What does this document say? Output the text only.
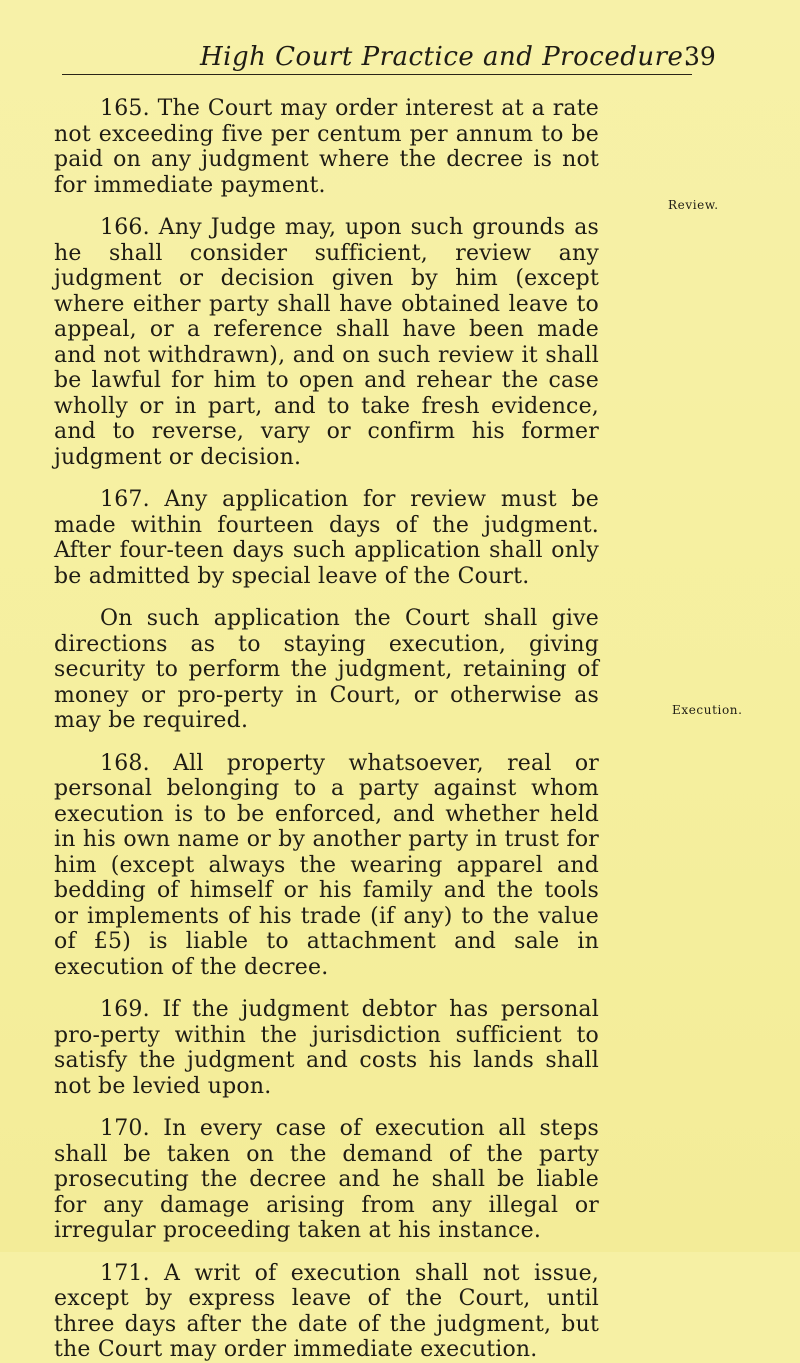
High Court Practice and Procedure.
39
Review.
Execution.

165. The Court may order interest at a rate not exceeding five per centum per annum to be paid on any judgment where the decree is not for immediate payment.

166. Any Judge may, upon such grounds as he shall consider sufficient, review any judgment or decision given by him (except where either party shall have obtained leave to appeal, or a reference shall have been made and not withdrawn), and on such review it shall be lawful for him to open and rehear the case wholly or in part, and to take fresh evidence, and to reverse, vary or confirm his former judgment or decision.

167. Any application for review must be made within fourteen days of the judgment. After four-teen days such application shall only be admitted by special leave of the Court.

On such application the Court shall give directions as to staying execution, giving security to perform the judgment, retaining of money or pro-perty in Court, or otherwise as may be required.

168. All property whatsoever, real or personal belonging to a party against whom execution is to be enforced, and whether held in his own name or by another party in trust for him (except always the wearing apparel and bedding of himself or his family and the tools or implements of his trade (if any) to the value of £5) is liable to attachment and sale in execution of the decree.

169. If the judgment debtor has personal pro-perty within the jurisdiction sufficient to satisfy the judgment and costs his lands shall not be levied upon.

170. In every case of execution all steps shall be taken on the demand of the party prosecuting the decree and he shall be liable for any damage arising from any illegal or irregular proceeding taken at his instance.

171. A writ of execution shall not issue, except by express leave of the Court, until three days after the date of the judgment, but the Court may order immediate execution.
